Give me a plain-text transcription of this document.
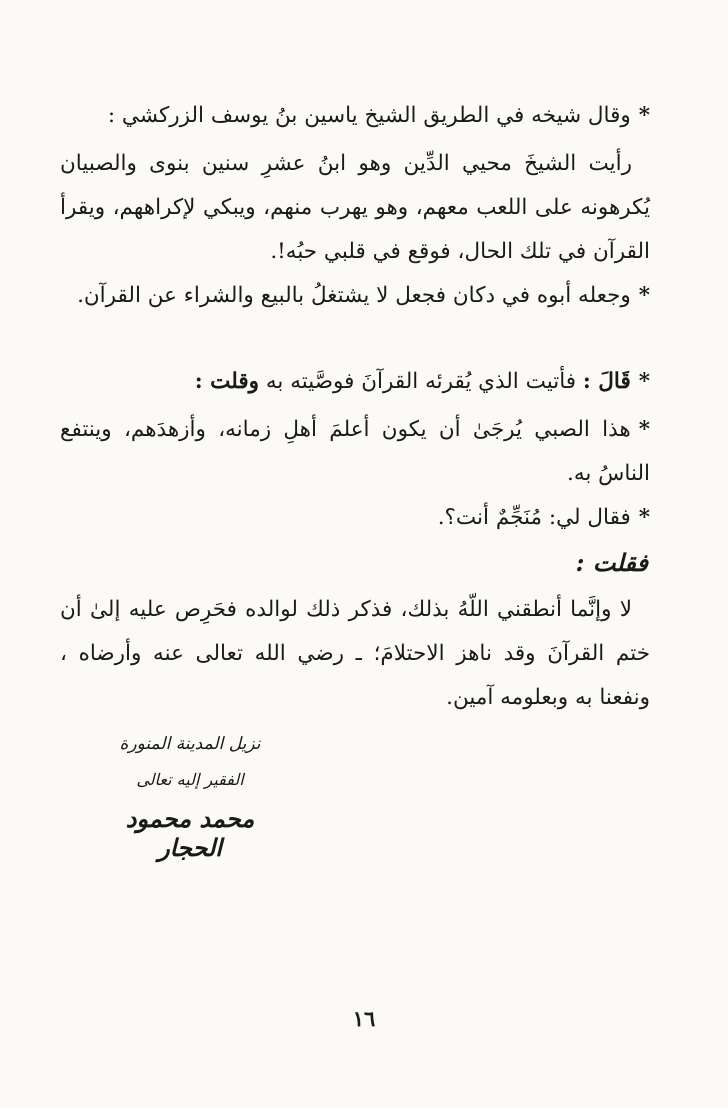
*وقال شيخه في الطريق الشيخ ياسين بنُ يوسف الزركشي :
رأيت الشيخَ محيي الدِّين وهو ابنُ عشرِ سنين بنوى والصبيان يُكرهونه على اللعب معهم، وهو يهرب منهم، ويبكي لإكراههم، ويقرأ القرآن في تلك الحال، فوقع في قلبي حبُه!.
*وجعله أبوه في دكان فجعل لا يشتغلُ بالبيع والشراء عن القرآن.
*قَالَ : فأتيت الذي يُقرئه القرآنَ فوصَّيته به وقلت :
*هذا الصبي يُرجَىٰ أن يكون أعلمَ أهلِ زمانه، وأزهدَهم، وينتفع الناسُ به.
*فقال لي: مُنَجِّمٌ أنت؟.
فقلت :
لا وإنَّما أنطقني اللّهُ بذلك، فذكر ذلك لوالده فحَرِص عليه إلىٰ أن ختم القرآنَ وقد ناهز الاحتلامَ؛ ـ رضي الله تعالى عنه وأرضاه ، ونفعنا به وبعلومه آمين.
نزيل المدينة المنورة
الفقير إليه تعالى
محمد محمود الحجار
١٦
